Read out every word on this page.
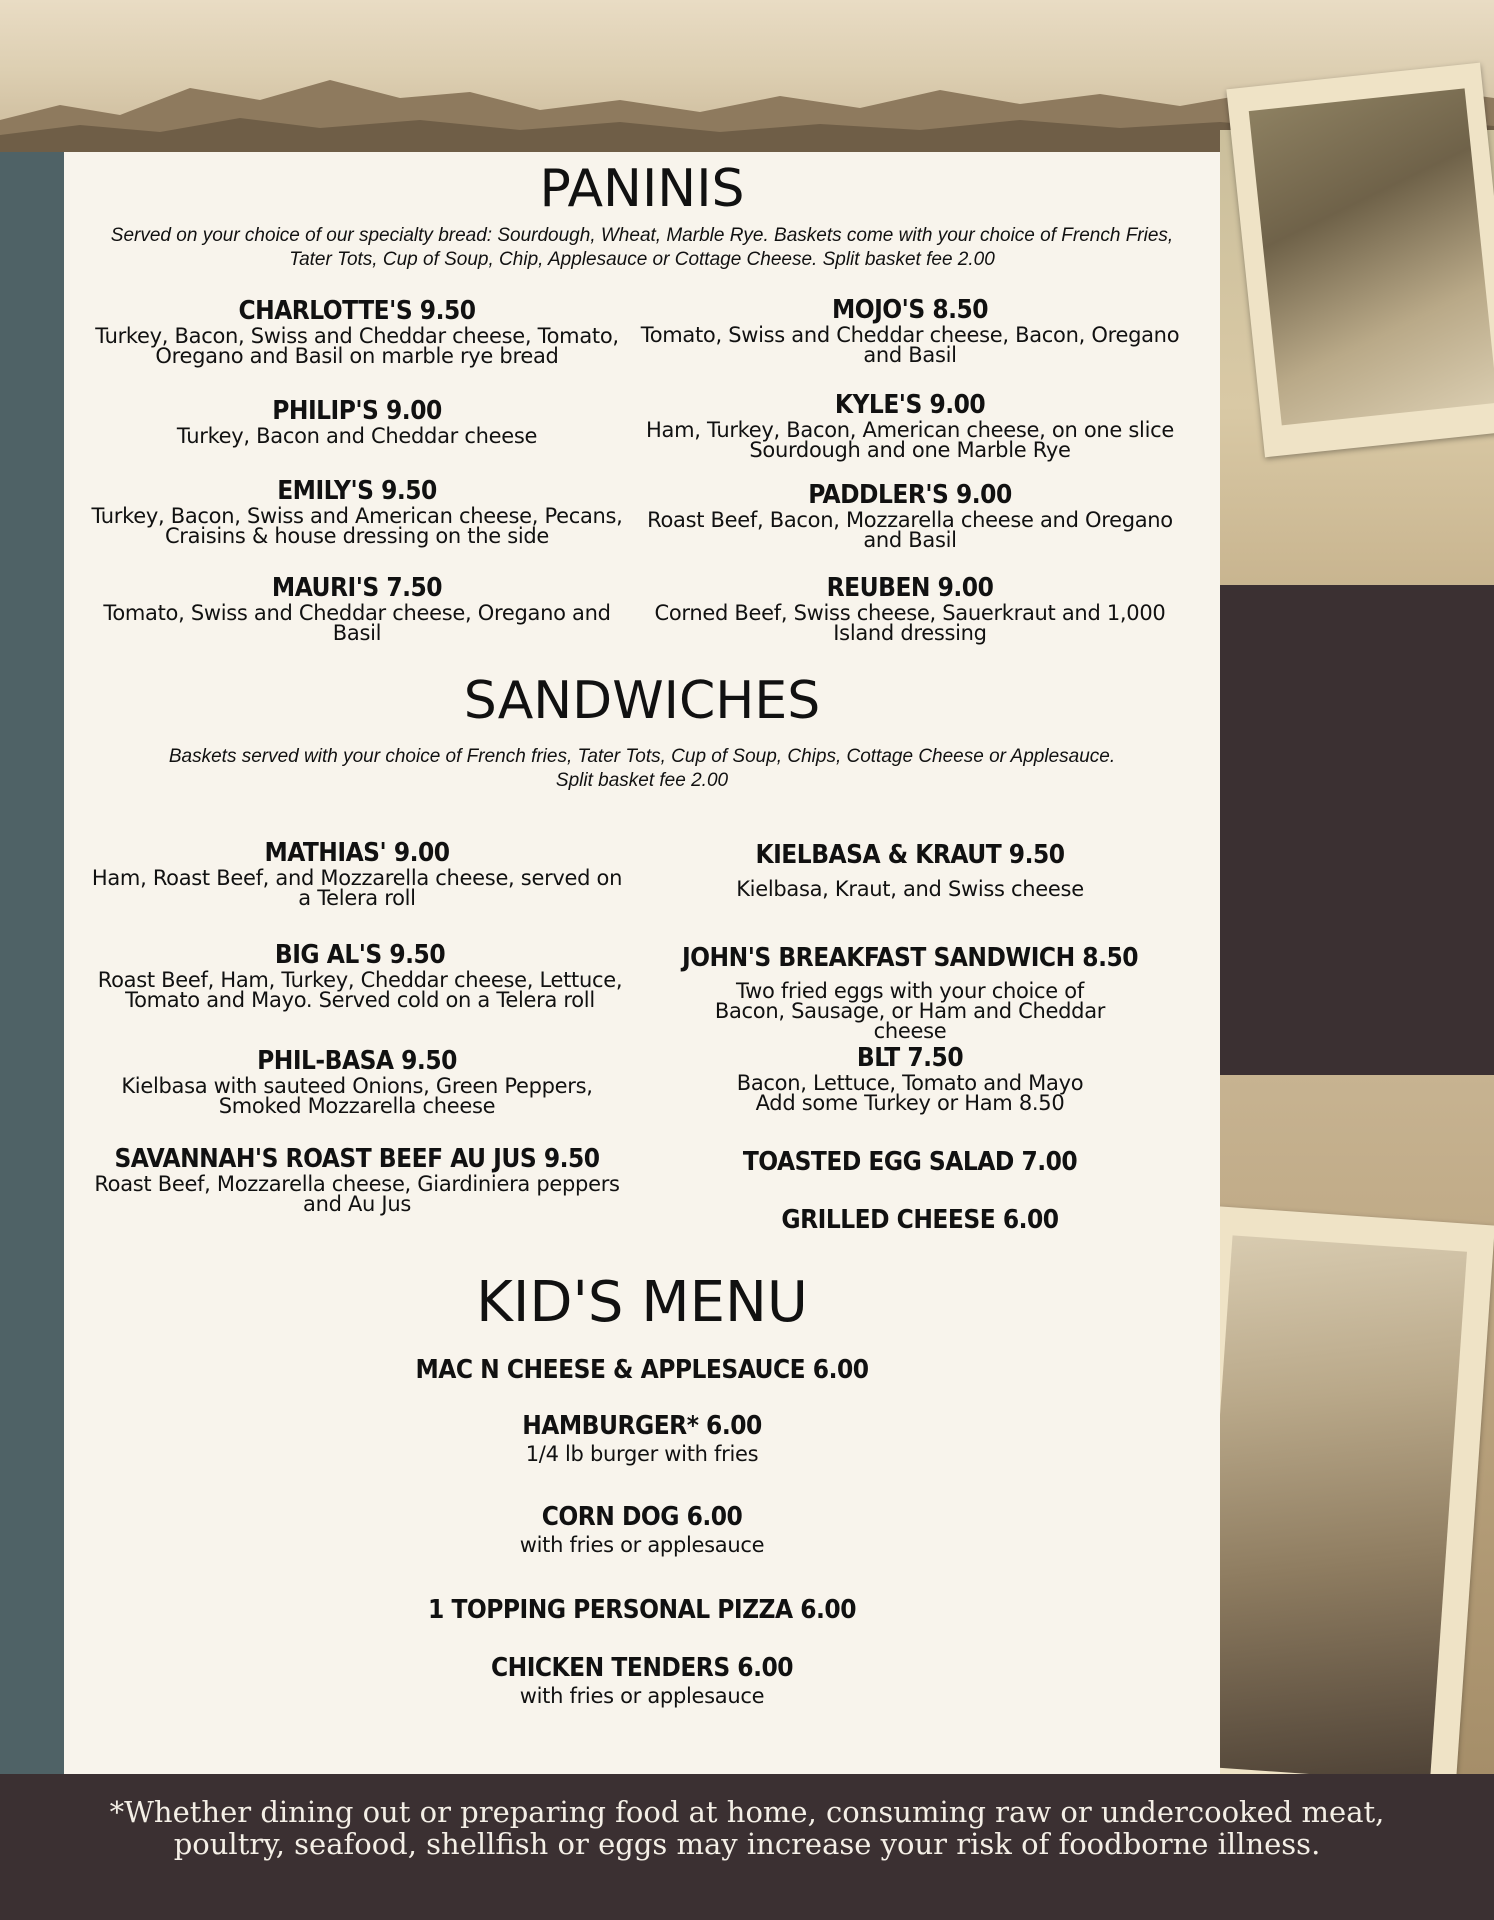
PANINIS
Served on your choice of our specialty bread: Sourdough, Wheat, Marble Rye. Baskets come with your choice of French Fries, Tater Tots, Cup of Soup, Chip, Applesauce or Cottage Cheese. Split basket fee 2.00
CHARLOTTE'S 9.50
Turkey, Bacon, Swiss and Cheddar cheese, Tomato, Oregano and Basil on marble rye bread
PHILIP'S 9.00
Turkey, Bacon and Cheddar cheese
EMILY'S 9.50
Turkey, Bacon, Swiss and American cheese, Pecans, Craisins & house dressing on the side
MAURI'S 7.50
Tomato, Swiss and Cheddar cheese, Oregano and Basil
MOJO'S 8.50
Tomato, Swiss and Cheddar cheese, Bacon, Oregano and Basil
KYLE'S 9.00
Ham, Turkey, Bacon, American cheese, on one slice Sourdough and one Marble Rye
PADDLER'S 9.00
Roast Beef, Bacon, Mozzarella cheese and Oregano and Basil
REUBEN 9.00
Corned Beef, Swiss cheese, Sauerkraut and 1,000 Island dressing
SANDWICHES
Baskets served with your choice of French fries, Tater Tots, Cup of Soup, Chips, Cottage Cheese or Applesauce. Split basket fee 2.00
MATHIAS' 9.00
Ham, Roast Beef, and Mozzarella cheese, served on a Telera roll
BIG AL'S 9.50
Roast Beef, Ham, Turkey, Cheddar cheese, Lettuce, Tomato and Mayo. Served cold on a Telera roll
PHIL-BASA 9.50
Kielbasa with sauteed Onions, Green Peppers, Smoked Mozzarella cheese
SAVANNAH'S ROAST BEEF AU JUS 9.50
Roast Beef, Mozzarella cheese, Giardiniera peppers and Au Jus
KIELBASA & KRAUT 9.50
Kielbasa, Kraut, and Swiss cheese
JOHN'S BREAKFAST SANDWICH 8.50
Two fried eggs with your choice of Bacon, Sausage, or Ham and Cheddar cheese
BLT 7.50
Bacon, Lettuce, Tomato and Mayo
Add some Turkey or Ham 8.50
TOASTED EGG SALAD 7.00
GRILLED CHEESE 6.00
KID'S MENU
MAC N CHEESE & APPLESAUCE 6.00
HAMBURGER* 6.00
1/4 lb burger with fries
CORN DOG 6.00
with fries or applesauce
1 TOPPING PERSONAL PIZZA 6.00
CHICKEN TENDERS 6.00
with fries or applesauce
*Whether dining out or preparing food at home, consuming raw or undercooked meat, poultry, seafood, shellfish or eggs may increase your risk of foodborne illness.
